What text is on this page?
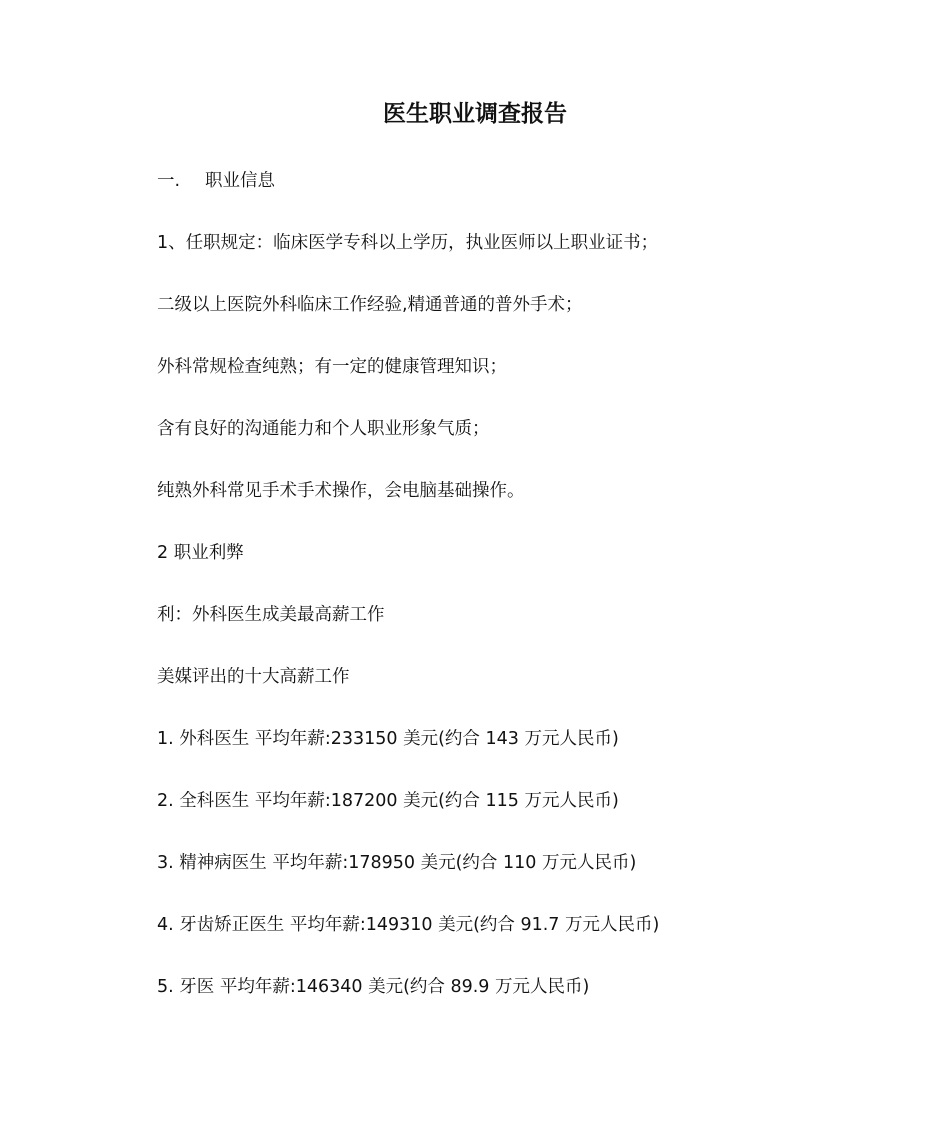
医生职业调查报告
一. 职业信息
1、任职规定：临床医学专科以上学历，执业医师以上职业证书；
二级以上医院外科临床工作经验,精通普通的普外手术；
外科常规检查纯熟；有一定的健康管理知识；
含有良好的沟通能力和个人职业形象气质；
纯熟外科常见手术手术操作，会电脑基础操作。
2 职业利弊
利：外科医生成美最高薪工作
美媒评出的十大高薪工作
1. 外科医生 平均年薪:233150 美元(约合 143 万元人民币)
2. 全科医生 平均年薪:187200 美元(约合 115 万元人民币)
3. 精神病医生 平均年薪:178950 美元(约合 110 万元人民币)
4. 牙齿矫正医生 平均年薪:149310 美元(约合 91.7 万元人民币)
5. 牙医 平均年薪:146340 美元(约合 89.9 万元人民币)
